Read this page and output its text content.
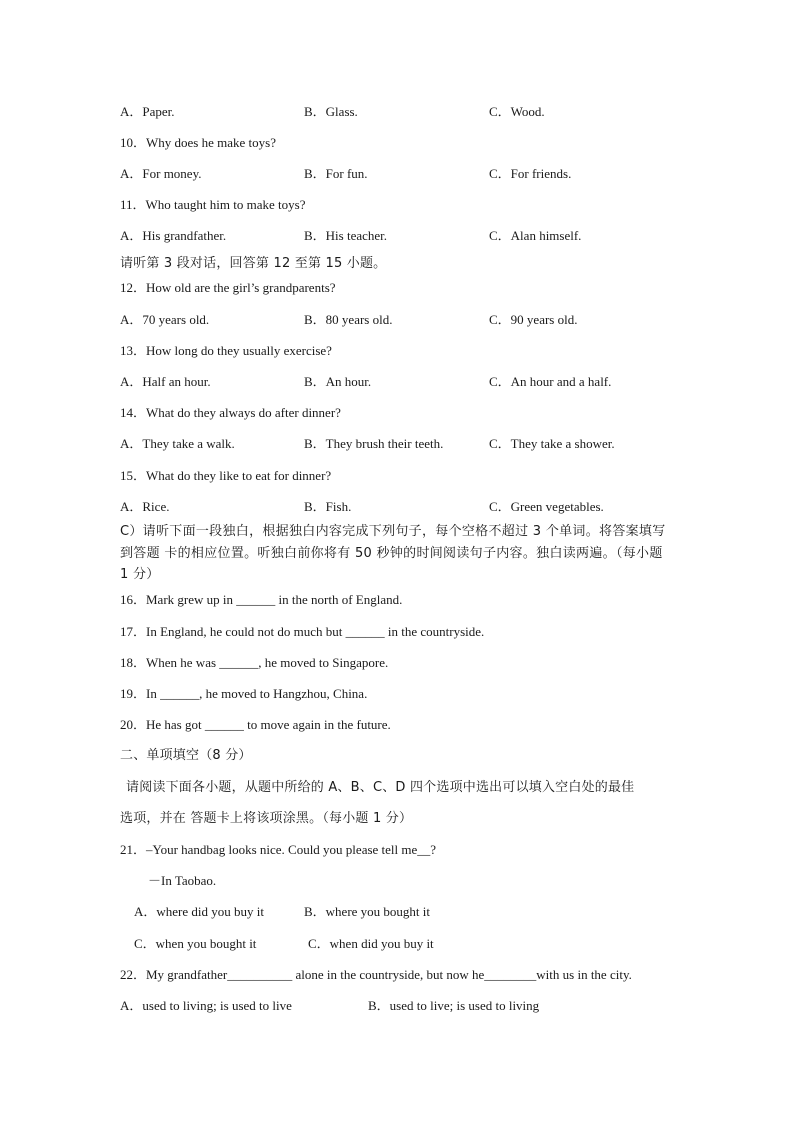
A．Paper.	B．Glass.	C．Wood.
10．Why does he make toys?
A．For money.	B．For fun.	C．For friends.
11．Who taught him to make toys?
A．His grandfather.	B．His teacher.	C．Alan himself.
请听第 3 段对话，回答第 12 至第 15 小题。
12．How old are the girl’s grandparents?
A．70 years old.	B．80 years old.	C．90 years old.
13．How long do they usually exercise?
A．Half an hour.	B．An hour.	C．An hour and a half.
14．What do they always do after dinner?
A．They take a walk.	B．They brush their teeth.	C．They take a shower.
15．What do they like to eat for dinner?
A．Rice.	B．Fish.	C．Green vegetables.
C）请听下面一段独白，根据独白内容完成下列句子，每个空格不超过 3 个单词。将答案填写到答题 卡的相应位置。听独白前你将有 50 秒钟的时间阅读句子内容。独白读两遍。（每小题 1 分）
16．Mark grew up in ______ in the north of England.
17．In England, he could not do much but ______ in the countryside.
18．When he was ______, he moved to Singapore.
19．In ______, he moved to Hangzhou, China.
20．He has got ______ to move again in the future.
二、单项填空（8 分）
请阅读下面各小题，从题中所给的 A、B、C、D 四个选项中选出可以填入空白处的最佳
选项，并在 答题卡上将该项涂黑。（每小题 1 分）
21．–Your handbag looks nice. Could you please tell me__?
－In Taobao.
A．where did you buy it	B．where you bought it
C．when you bought it	C．when did you buy it
22．My grandfather__________ alone in the countryside, but now he________with us in the city.
A．used to living; is used to live	B．used to live; is used to living
